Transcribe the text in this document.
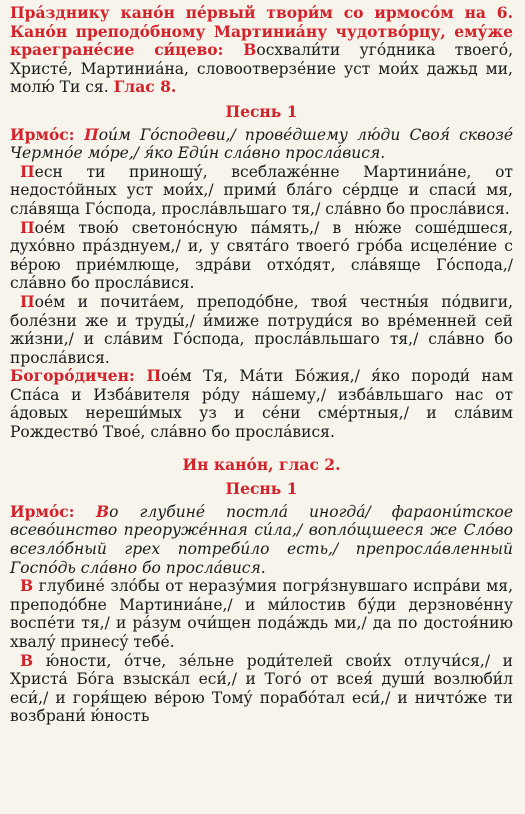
Пра́зднику кано́н пе́рвый твори́м со ирмосо́м на 6. Кано́н преподо́бному Мартиниа́ну чудотво́рцу, ему́же краегране́сие си́цево: Восхвали́ти уго́дника твоего́, Христе́, Мартиниа́на, словоотверзе́ние уст мои́х дажьд ми, молю́ Ти ся. Глас 8.

Песнь 1

Ирмо́с: Пои́м Го́сподеви,/ прове́дшему лю́ди Своя́ сквозе́ Чермно́е мо́ре,/ я́ко Еди́н сла́вно просла́вися.

Песн ти приношу́, всеблаже́нне Мартиниа́не, от недосто́йных уст мои́х,/ прими́ бла́го се́рдце и спаси́ мя, сла́вяща Го́спода, просла́вльшаго тя,/ сла́вно бо просла́вися.

Пое́м твою́ светоно́сную па́мять,/ в ню́же соше́дшеся, духо́вно пра́зднуем,/ и, у свята́го твоего́ гро́ба исцеле́ние с ве́рою прие́млюще, здра́ви отхо́дят, сла́вяще Го́спода,/ сла́вно бо просла́вися.

Пое́м и почита́ем, преподо́бне, твоя́ честны́я по́двиги, боле́зни же и труды́,/ и́миже потруди́ся во вре́менней сей жи́зни,/ и сла́вим Го́спода, просла́вльшаго тя,/ сла́вно бо просла́вися.

Богоро́дичен: Пое́м Тя, Ма́ти Бо́жия,/ я́ко породи́ нам Спа́са и Изба́вителя ро́ду на́шему,/ изба́вльшаго нас от а́довых нереши́мых уз и се́ни сме́ртныя,/ и сла́вим Рождество́ Твое́, сла́вно бо просла́вися.

Ин кано́н, глас 2.
Песнь 1

Ирмо́с: Во глубине́ постла́ иногда́/ фараони́тское всево́инство преоруже́нная си́ла,/ вопло́щшееся же Сло́во всезло́бный грех потреби́ло есть,/ препросла́вленный Госпо́дь сла́вно бо просла́вися.

В глубине́ зло́бы от неразу́мия погря́знувшаго испра́ви мя, преподо́бне Мартиниа́не,/ и ми́лостив бу́ди дерзнове́нну воспе́ти тя,/ и ра́зум очи́щен пода́ждь ми,/ да по достоя́нию хвалу́ принесу́ тебе́.

В ю́ности, о́тче, зе́льне роди́телей свои́х отлучи́ся,/ и Христа́ Бо́га взыска́л еси́,/ и Того́ от всея́ души́ возлюби́л еси́,/ и горя́щею ве́рою Тому́ порабо́тал еси́,/ и ничто́же ти возбрани́ ю́ность
